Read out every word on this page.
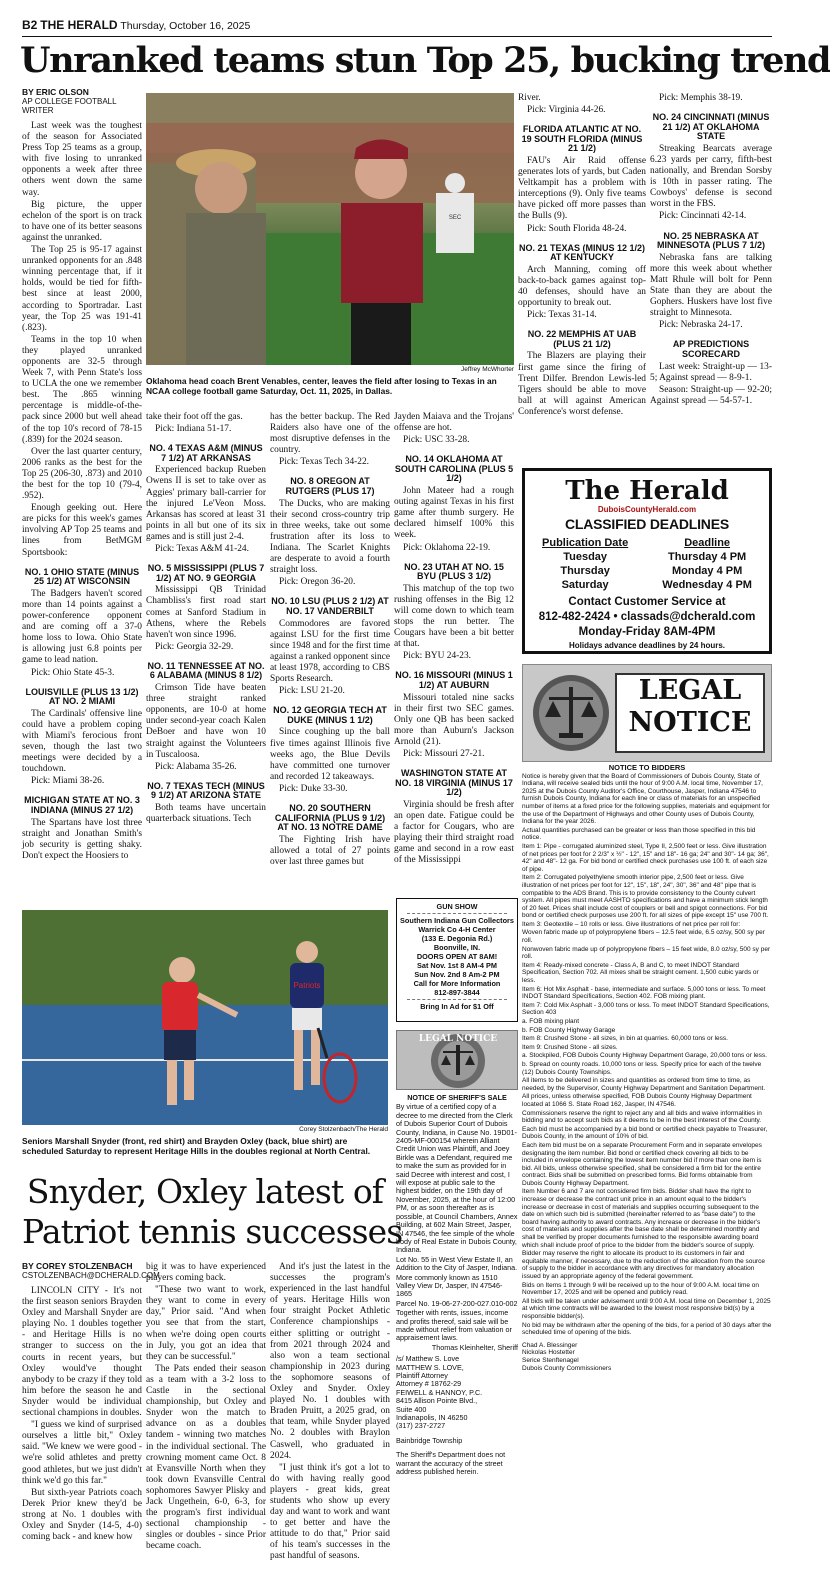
B2 THE HERALD Thursday, October 16, 2025
Unranked teams stun Top 25, bucking trend
BY ERIC OLSON
AP COLLEGE FOOTBALL WRITER

Last week was the toughest of the season for Associated Press Top 25 teams as a group, with five losing to unranked opponents a week after three others went down the same way.

Big picture, the upper echelon of the sport is on track to have one of its better seasons against the unranked.

The Top 25 is 95-17 against unranked opponents for an .848 winning percentage that, if it holds, would be tied for fifth-best since at least 2000, according to Sportradar. Last year, the Top 25 was 191-41 (.823).

Teams in the top 10 when they played unranked opponents are 32-5 through Week 7, with Penn State's loss to UCLA the one we remember best. The .865 winning percentage is middle-of-the-pack since 2000 but well ahead of the top 10's record of 78-15 (.839) for the 2024 season.

Over the last quarter century, 2006 ranks as the best for the Top 25 (206-30, .873) and 2010 the best for the top 10 (79-4, .952).

Enough geeking out. Here are picks for this week's games involving AP Top 25 teams and lines from BetMGM Sportsbook:

NO. 1 OHIO STATE (MINUS 25 1/2) AT WISCONSIN

The Badgers haven't scored more than 14 points against a power-conference opponent and are coming off a 37-0 home loss to Iowa. Ohio State is allowing just 6.8 points per game to lead nation.

Pick: Ohio State 45-3.

LOUISVILLE (PLUS 13 1/2) AT NO. 2 MIAMI

The Cardinals' offensive line could have a problem coping with Miami's ferocious front seven, though the last two meetings were decided by a touchdown.

Pick: Miami 38-26.

MICHIGAN STATE AT NO. 3 INDIANA (MINUS 27 1/2)

The Spartans have lost three straight and Jonathan Smith's job security is getting shaky. Don't expect the Hoosiers to

SEC
Jeffrey McWhorter
Oklahoma head coach Brent Venables, center, leaves the field after losing to Texas in an NCAA college football game Saturday, Oct. 11, 2025, in Dallas.

take their foot off the gas.

Pick: Indiana 51-17.

NO. 4 TEXAS A&M (MINUS 7 1/2) AT ARKANSAS

Experienced backup Rueben Owens II is set to take over as Aggies' primary ball-carrier for the injured Le'Veon Moss. Arkansas has scored at least 31 points in all but one of its six games and is still just 2-4.

Pick: Texas A&M 41-24.

NO. 5 MISSISSIPPI (PLUS 7 1/2) AT NO. 9 GEORGIA

Mississippi QB Trinidad Chambliss's first road start comes at Sanford Stadium in Athens, where the Rebels haven't won since 1996.

Pick: Georgia 32-29.

NO. 11 TENNESSEE AT NO. 6 ALABAMA (MINUS 8 1/2)

Crimson Tide have beaten three straight ranked opponents, are 10-0 at home under second-year coach Kalen DeBoer and have won 10 straight against the Volunteers in Tuscaloosa.

Pick: Alabama 35-26.

NO. 7 TEXAS TECH (MINUS 9 1/2) AT ARIZONA STATE

Both teams have uncertain quarterback situations. Tech

has the better backup. The Red Raiders also have one of the most disruptive defenses in the country.

Pick: Texas Tech 34-22.

NO. 8 OREGON AT RUTGERS (PLUS 17)

The Ducks, who are making their second cross-country trip in three weeks, take out some frustration after its loss to Indiana. The Scarlet Knights are desperate to avoid a fourth straight loss.

Pick: Oregon 36-20.

NO. 10 LSU (PLUS 2 1/2) AT NO. 17 VANDERBILT

Commodores are favored against LSU for the first time since 1948 and for the first time against a ranked opponent since at least 1978, according to CBS Sports Research.

Pick: LSU 21-20.

NO. 12 GEORGIA TECH AT DUKE (MINUS 1 1/2)

Since coughing up the ball five times against Illinois five weeks ago, the Blue Devils have committed one turnover and recorded 12 takeaways.

Pick: Duke 33-30.

NO. 20 SOUTHERN CALIFORNIA (PLUS 9 1/2) AT NO. 13 NOTRE DAME

The Fighting Irish have allowed a total of 27 points over last three games but

Jayden Maiava and the Trojans' offense are hot.

Pick: USC 33-28.

NO. 14 OKLAHOMA AT SOUTH CAROLINA (PLUS 5 1/2)

John Mateer had a rough outing against Texas in his first game after thumb surgery. He declared himself 100% this week.

Pick: Oklahoma 22-19.

NO. 23 UTAH AT NO. 15 BYU (PLUS 3 1/2)

This matchup of the top two rushing offenses in the Big 12 will come down to which team stops the run better. The Cougars have been a bit better at that.

Pick: BYU 24-23.

NO. 16 MISSOURI (MINUS 1 1/2) AT AUBURN

Missouri totaled nine sacks in their first two SEC games. Only one QB has been sacked more than Auburn's Jackson Arnold (21).

Pick: Missouri 27-21.

WASHINGTON STATE AT NO. 18 VIRGINIA (MINUS 17 1/2)

Virginia should be fresh after an open date. Fatigue could be a factor for Cougars, who are playing their third straight road game and second in a row east of the Mississippi

River.

Pick: Virginia 44-26.

FLORIDA ATLANTIC AT NO. 19 SOUTH FLORIDA (MINUS 21 1/2)

FAU's Air Raid offense generates lots of yards, but Caden Veltkampit has a problem with interceptions (9). Only five teams have picked off more passes than the Bulls (9).

Pick: South Florida 48-24.

NO. 21 TEXAS (MINUS 12 1/2) AT KENTUCKY

Arch Manning, coming off back-to-back games against top-40 defenses, should have an opportunity to break out.

Pick: Texas 31-14.

NO. 22 MEMPHIS AT UAB (PLUS 21 1/2)

The Blazers are playing their first game since the firing of Trent Dilfer. Brendon Lewis-led Tigers should be able to move ball at will against American Conference's worst defense.

Pick: Memphis 38-19.

NO. 24 CINCINNATI (MINUS 21 1/2) AT OKLAHOMA STATE

Streaking Bearcats average 6.23 yards per carry, fifth-best nationally, and Brendan Sorsby is 10th in passer rating. The Cowboys' defense is second worst in the FBS.

Pick: Cincinnati 42-14.

NO. 25 NEBRASKA AT MINNESOTA (PLUS 7 1/2)

Nebraska fans are talking more this week about whether Matt Rhule will bolt for Penn State than they are about the Gophers. Huskers have lost five straight to Minnesota.

Pick: Nebraska 24-17.

AP PREDICTIONS SCORECARD

Last week: Straight-up — 13-5; Against spread — 8-9-1.

Season: Straight-up — 92-20; Against spread — 54-57-1.

The Herald
DuboisCountyHerald.com
CLASSIFIED DEADLINES
Publication Date
Tuesday
Thursday
Saturday
Deadline
Thursday 4 PM
Monday 4 PM
Wednesday 4 PM
Contact Customer Service at
812-482-2424 • classads@dcherald.com
Monday-Friday 8AM-4PM
Holidays advance deadlines by 24 hours.
LEGAL
NOTICE
NOTICE TO BIDDERS

Notice is hereby given that the Board of Commissioners of Dubois County, State of Indiana, will receive sealed bids until the hour of 9:00 A.M. local time, November 17, 2025 at the Dubois County Auditor's Office, Courthouse, Jasper, Indiana 47546 to furnish Dubois County, Indiana for each line or class of materials for an unspecified number of items at a fixed price for the following supplies, materials and equipment for the use of the Department of Highways and other County uses of Dubois County, Indiana for the year 2026.

Actual quantities purchased can be greater or less than those specified in this bid notice.

Item 1: Pipe - corrugated aluminized steel, Type II, 2,500 feet or less. Give illustration of net prices per foot for 2 2/3" x ½" - 12", 15" and 18"- 16 ga; 24" and 30"- 14 ga; 36", 42" and 48"- 12 ga. For bid bond or certified check purchases use 100 ft. of each size of pipe.

Item 2: Corrugated polyethylene smooth interior pipe, 2,500 feet or less. Give illustration of net prices per foot for 12", 15", 18", 24", 30", 36" and 48" pipe that is compatible to the ADS Brand. This is to provide consistency to the County culvert system. All pipes must meet AASHTO specifications and have a minimum stick length of 20 feet. Prices shall include cost of couplers or bell and spigot connections. For bid bond or certified check purposes use 200 ft. for all sizes of pipe except 15" use 700 ft.

Item 3: Geotextile – 10 rolls or less. Give illustrations of net price per roll for:

Woven fabric made up of polypropylene fibers – 12.5 feet wide, 6.5 oz/sy, 500 sy per roll.

Nonwoven fabric made up of polypropylene fibers – 15 feet wide, 8.0 oz/sy, 500 sy per roll.

Item 4: Ready-mixed concrete - Class A, B and C, to meet INDOT Standard Specification, Section 702. All mixes shall be straight cement. 1,500 cubic yards or less.

Item 6: Hot Mix Asphalt - base, intermediate and surface. 5,000 tons or less. To meet INDOT Standard Specifications, Section 402. FOB mixing plant.

Item 7: Cold Mix Asphalt - 3,000 tons or less. To meet INDOT Standard Specifications, Section 403

a. FOB mixing plant

b. FOB County Highway Garage

Item 8: Crushed Stone - all sizes, in bin at quarries. 60,000 tons or less.

Item 9: Crushed Stone - all sizes.

a. Stockpiled, FOB Dubois County Highway Department Garage, 20,000 tons or less.

b. Spread on county roads. 10,000 tons or less. Specify price for each of the twelve (12) Dubois County Townships.

All items to be delivered in sizes and quantities as ordered from time to time, as needed, by the Supervisor, County Highway Department and Sanitation Department.

All prices, unless otherwise specified, FOB Dubois County Highway Department located at 1066 S. State Road 162, Jasper, IN 47546.

Commissioners reserve the right to reject any and all bids and waive informalities in bidding and to accept such bids as it deems to be in the best interest of the County.

Each bid must be accompanied by a bid bond or certified check payable to Treasurer, Dubois County, in the amount of 10% of bid.

Each item bid must be on a separate Procurement Form and in separate envelopes designating the item number. Bid bond or certified check covering all bids to be included in envelope containing the lowest item number bid if more than one item is bid. All bids, unless otherwise specified, shall be considered a firm bid for the entire contract. Bids shall be submitted on prescribed forms. Bid forms obtainable from Dubois County Highway Department.

Item Number 6 and 7 are not considered firm bids. Bidder shall have the right to increase or decrease the contract unit price in an amount equal to the bidder's increase or decrease in cost of materials and supplies occurring subsequent to the date on which such bid is submitted (hereinafter referred to as "base date") to the board having authority to award contracts. Any increase or decrease in the bidder's cost of materials and supplies after the base date shall be determined monthly and shall be verified by proper documents furnished to the responsible awarding board which shall include proof of price to the bidder from the bidder's source of supply.

Bidder may reserve the right to allocate its product to its customers in fair and equitable manner, if necessary, due to the reduction of the allocation from the source of supply to the bidder in accordance with any directives for mandatory allocation issued by an appropriate agency of the federal government.

Bids on Items 1 through 9 will be received up to the hour of 9:00 A.M. local time on November 17, 2025 and will be opened and publicly read.

All bids will be taken under advisement until 9:00 A.M. local time on December 1, 2025 at which time contracts will be awarded to the lowest most responsive bid(s) by a responsible bidder(s).

No bid may be withdrawn after the opening of the bids, for a period of 30 days after the scheduled time of opening of the bids.

Chad A. Blessinger
Nickolas Hostetter
Serice Stenftenagel
Dubois County Commissioners
Patriots
Corey Stolzenbach/The Herald
Seniors Marshall Snyder (front, red shirt) and Brayden Oxley (back, blue shirt) are scheduled Saturday to represent Heritage Hills in the doubles regional at North Central.
Snyder, Oxley latest of
Patriot tennis successes
BY COREY STOLZENBACH
CSTOLZENBACH@DCHERALD.COM

LINCOLN CITY - It's not the first season seniors Brayden Oxley and Marshall Snyder are playing No. 1 doubles together - and Heritage Hills is no stranger to success on the courts in recent years, but Oxley would've thought anybody to be crazy if they told him before the season he and Snyder would be individual sectional champions in doubles.

"I guess we kind of surprised ourselves a little bit," Oxley said. "We knew we were good - we're solid athletes and pretty good athletes, but we just didn't think we'd go this far."

But sixth-year Patriots coach Derek Prior knew they'd be strong at No. 1 doubles with Oxley and Snyder (14-5, 4-0) coming back - and knew how

big it was to have experienced players coming back.

"These two want to work, they want to come in every day," Prior said. "And when you see that from the start, when we're doing open courts in July, you got an idea that they can be successful."

The Pats ended their season as a team with a 3-2 loss to Castle in the sectional championship, but Oxley and Snyder won the match to advance on as a doubles tandem - winning two matches in the individual sectional. The crowning moment came Oct. 8 at Evansville North when they took down Evansville Central sophomores Sawyer Plisky and Jack Ungethein, 6-0, 6-3, for the program's first individual sectional championship - singles or doubles - since Prior became coach.

And it's just the latest in the successes the program's experienced in the last handful of years. Heritage Hills won four straight Pocket Athletic Conference championships - either splitting or outright - from 2021 through 2024 and also won a team sectional championship in 2023 during the sophomore seasons of Oxley and Snyder. Oxley played No. 1 doubles with Braden Pruitt, a 2025 grad, on that team, while Snyder played No. 2 doubles with Braylon Caswell, who graduated in 2024.

"I just think it's got a lot to do with having really good players - great kids, great students who show up every day and want to work and want to get better and have the attitude to do that," Prior said of his team's successes in the past handful of seasons.

GUN SHOW
Southern Indiana Gun Collectors
Warrick Co 4-H Center
(133 E. Degonia Rd.)
Boonville, IN.
DOORS OPEN AT 8AM!
Sat Nov. 1st 8 AM-4 PM
Sun Nov. 2nd 8 Am-2 PM
Call for More Information
812-897-3844
Bring In Ad for $1 Off
LEGAL NOTICE
NOTICE OF SHERIFF'S SALE

By virtue of a certified copy of a decree to me directed from the Clerk of Dubois Superior Court of Dubois County, Indiana, in Cause No. 19D01-2405-MF-000154 wherein Alliant Credit Union was Plaintiff, and Joey Birkle was a Defendant, required me to make the sum as provided for in said Decree with interest and cost, I will expose at public sale to the highest bidder, on the 19th day of November, 2025, at the hour of 12:00 PM, or as soon thereafter as is possible, at Council Chambers, Annex Building, at 602 Main Street, Jasper, IN 47546, the fee simple of the whole body of Real Estate in Dubois County, Indiana.

Lot No. 55 in West View Estate II, an Addition to the City of Jasper, Indiana.

More commonly known as 1510 Valley View Dr, Jasper, IN 47546-1865

Parcel No. 19-06-27-200-027.010-002

Together with rents, issues, income and profits thereof, said sale will be made without relief from valuation or appraisement laws.

Thomas Kleinhelter, Sheriff

/s/ Matthew S. Love
MATTHEW S. LOVE,
Plaintiff Attorney
Attorney # 18762-29
FEIWELL & HANNOY, P.C.
8415 Allison Pointe Blvd.,
Suite 400
Indianapolis, IN 46250
(317) 237-2727

Bainbridge Township

The Sheriff's Department does not warrant the accuracy of the street address published herein.
